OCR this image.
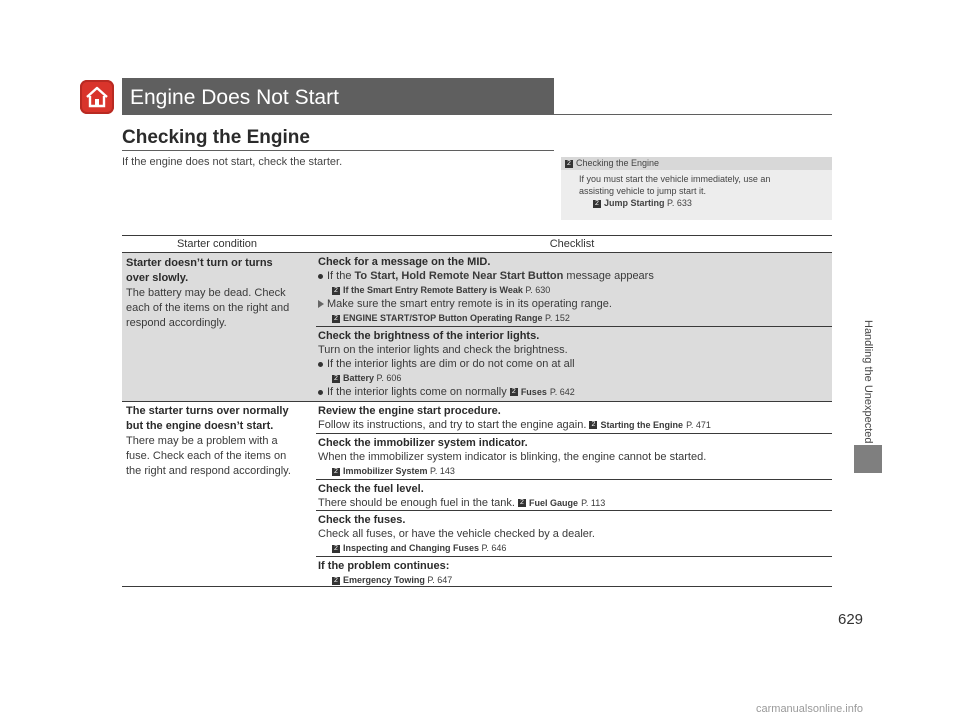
Engine Does Not Start
Checking the Engine
If the engine does not start, check the starter.	2 Checking the Engine
If you must start the vehicle immediately, use an
assisting vehicle to jump start it.
2 Jump Starting P. 633
Starter condition	Checklist
Starter doesn’t turn or turns
over slowly.
The battery may be dead. Check
each of the items on the right and
respond accordingly.
Check for a message on the MID.
If the To Start, Hold Remote Near Start Button message appears
2 If the Smart Entry Remote Battery is Weak P. 630
Make sure the smart entry remote is in its operating range.
2 ENGINE START/STOP Button Operating Range P. 152
Check the brightness of the interior lights.
Turn on the interior lights and check the brightness.
If the interior lights are dim or do not come on at all
2 Battery P. 606
If the interior lights come on normally 2 Fuses P. 642
The starter turns over normally
but the engine doesn’t start.
There may be a problem with a
fuse. Check each of the items on
the right and respond accordingly.
Review the engine start procedure.
Follow its instructions, and try to start the engine again. 2 Starting the Engine P. 471
Check the immobilizer system indicator.
When the immobilizer system indicator is blinking, the engine cannot be started.
2 Immobilizer System P. 143
Check the fuel level.
There should be enough fuel in the tank. 2 Fuel Gauge P. 113
Check the fuses.
Check all fuses, or have the vehicle checked by a dealer.
2 Inspecting and Changing Fuses P. 646
If the problem continues:
2 Emergency Towing P. 647
Handling the Unexpected
629
carmanualsonline.info
